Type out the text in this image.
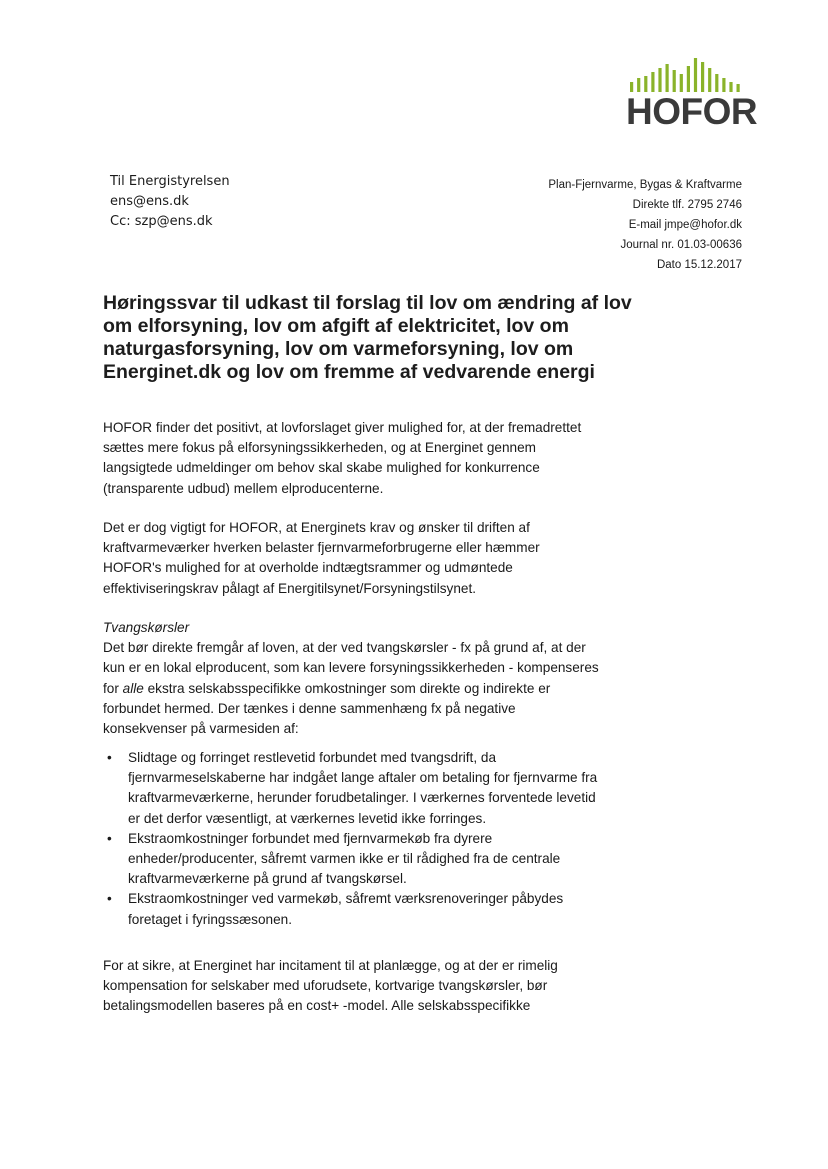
HOFOR
Til Energistyrelsen
ens@ens.dk
Cc: szp@ens.dk
Plan-Fjernvarme, Bygas & Kraftvarme
Direkte tlf. 2795 2746
E-mail jmpe@hofor.dk
Journal nr. 01.03-00636
Dato 15.12.2017
Høringssvar til udkast til forslag til lov om ændring af lov
om elforsyning, lov om afgift af elektricitet, lov om
naturgasforsyning, lov om varmeforsyning, lov om
Energinet.dk og lov om fremme af vedvarende energi
HOFOR finder det positivt, at lovforslaget giver mulighed for, at der fremadrettet
sættes mere fokus på elforsyningssikkerheden, og at Energinet gennem
langsigtede udmeldinger om behov skal skabe mulighed for konkurrence
(transparente udbud) mellem elproducenterne.
Det er dog vigtigt for HOFOR, at Energinets krav og ønsker til driften af
kraftvarmeværker hverken belaster fjernvarmeforbrugerne eller hæmmer
HOFOR's mulighed for at overholde indtægtsrammer og udmøntede
effektiviseringskrav pålagt af Energitilsynet/Forsyningstilsynet.
Tvangskørsler
Det bør direkte fremgår af loven, at der ved tvangskørsler - fx på grund af, at der
kun er en lokal elproducent, som kan levere forsyningssikkerheden - kompenseres
for alle ekstra selskabsspecifikke omkostninger som direkte og indirekte er
forbundet hermed. Der tænkes i denne sammenhæng fx på negative
konsekvenser på varmesiden af:
• Slidtage og forringet restlevetid forbundet med tvangsdrift, da
fjernvarmeselskaberne har indgået lange aftaler om betaling for fjernvarme fra
kraftvarmeværkerne, herunder forudbetalinger. I værkernes forventede levetid
er det derfor væsentligt, at værkernes levetid ikke forringes.
• Ekstraomkostninger forbundet med fjernvarmekøb fra dyrere
enheder/producenter, såfremt varmen ikke er til rådighed fra de centrale
kraftvarmeværkerne på grund af tvangskørsel.
• Ekstraomkostninger ved varmekøb, såfremt værksrenoveringer påbydes
foretaget i fyringssæsonen.
For at sikre, at Energinet har incitament til at planlægge, og at der er rimelig
kompensation for selskaber med uforudsete, kortvarige tvangskørsler, bør
betalingsmodellen baseres på en cost+ -model. Alle selskabsspecifikke
